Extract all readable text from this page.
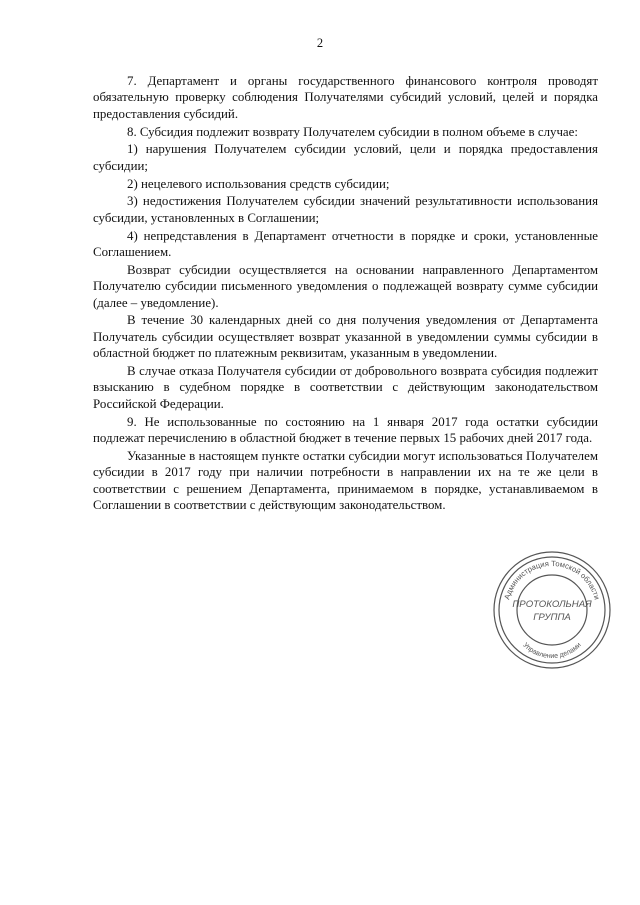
2

7. Департамент и органы государственного финансового контроля проводят обязательную проверку соблюдения Получателями субсидий условий, целей и порядка предоставления субсидий.

8. Субсидия подлежит возврату Получателем субсидии в полном объеме в случае:

1) нарушения Получателем субсидии условий, цели и порядка предоставления субсидии;

2) нецелевого использования средств субсидии;

3) недостижения Получателем субсидии значений результативности использования субсидии, установленных в Соглашении;

4) непредставления в Департамент отчетности в порядке и сроки, установленные Соглашением.

Возврат субсидии осуществляется на основании направленного Департаментом Получателю субсидии письменного уведомления о подлежащей возврату сумме субсидии (далее – уведомление).

В течение 30 календарных дней со дня получения уведомления от Департамента Получатель субсидии осуществляет возврат указанной в уведомлении суммы субсидии в областной бюджет по платежным реквизитам, указанным в уведомлении.

В случае отказа Получателя субсидии от добровольного возврата субсидия подлежит взысканию в судебном порядке в соответствии с действующим законодательством Российской Федерации.

9. Не использованные по состоянию на 1 января 2017 года остатки субсидии подлежат перечислению в областной бюджет в течение первых 15 рабочих дней 2017 года.

Указанные в настоящем пункте остатки субсидии могут использоваться Получателем субсидии в 2017 году при наличии потребности в направлении их на те же цели в соответствии с решением Департамента, принимаемом в порядке, устанавливаемом в Соглашении в соответствии с действующим законодательством.

Администрация Томской области
Управление делами
ПРОТОКОЛЬНАЯ
ГРУППА
